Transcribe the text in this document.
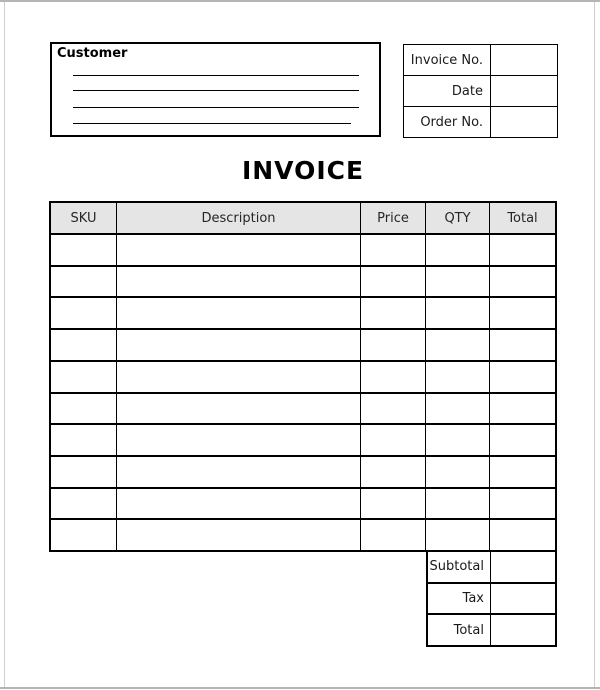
Customer	Invoice No.
Date
Order No.
INVOICE
SKU	Description	Price	QTY	Total
Subtotal
Tax
Total
